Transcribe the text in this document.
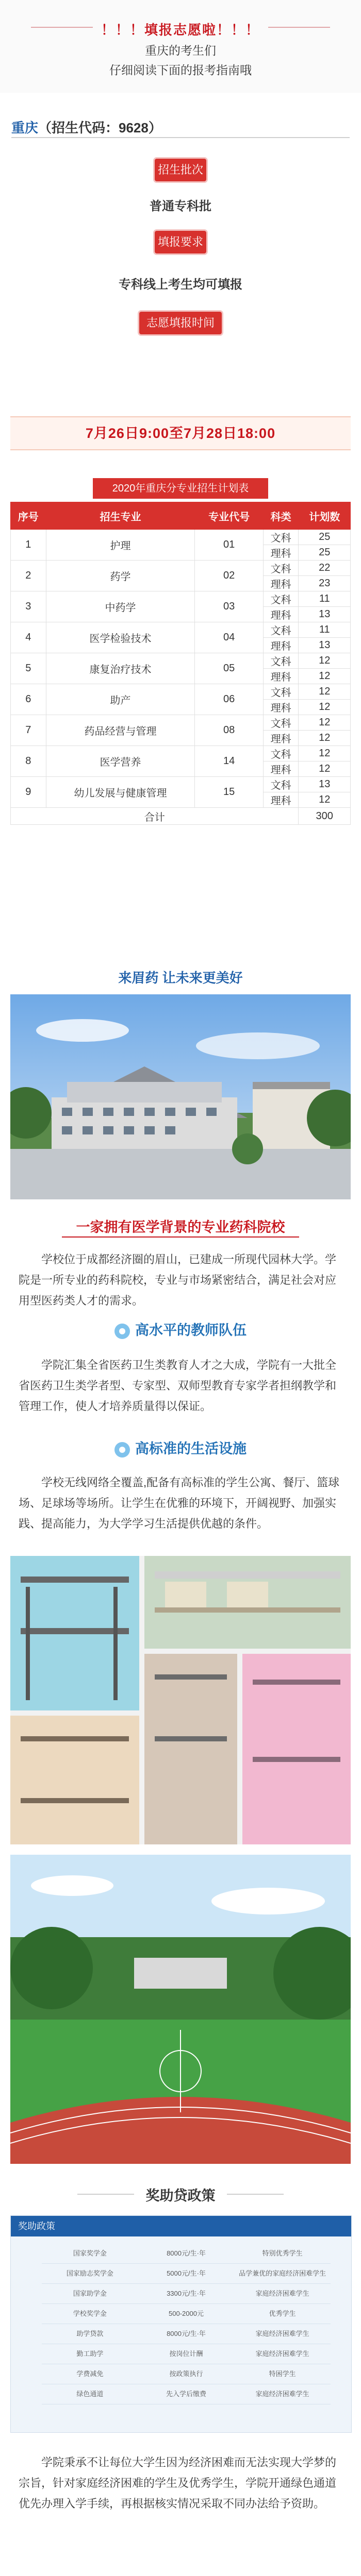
！！！填报志愿啦！！！
重庆的考生们
仔细阅读下面的报考指南哦
重庆（招生代码：9628）
招生批次
普通专科批
填报要求
专科线上考生均可填报
志愿填报时间
7月26日9:00至7月28日18:00
2020年重庆分专业招生计划表
序号	招生专业	专业代号	科类	计划数
1	护理	01	文科	25
			理科	25
2	药学	02	文科	22
			理科	23
3	中药学	03	文科	11
			理科	13
4	医学检验技术	04	文科	11
			理科	13
5	康复治疗技术	05	文科	12
			理科	12
6	助产	06	文科	12
			理科	12
7	药品经营与管理	08	文科	12
			理科	12
8	医学营养	14	文科	12
			理科	12
9	幼儿发展与健康管理	15	文科	13
			理科	12
合计				300
来眉药 让未来更美好
一家拥有医学背景的专业药科院校
学校位于成都经济圈的眉山，已建成一所现代园林大学。学院是一所专业的药科院校，专业与市场紧密结合，满足社会对应用型医药类人才的需求。
高水平的教师队伍
学院汇集全省医药卫生类教育人才之大成，学院有一大批全省医药卫生类学者型、专家型、双师型教育专家学者担纲教学和管理工作，使人才培养质量得以保证。
高标准的生活设施
学校无线网络全覆盖,配备有高标准的学生公寓、餐厅、篮球场、足球场等场所。让学生在优雅的环境下，开阔视野、加强实践、提高能力，为大学学习生活提供优越的条件。
奖助贷政策
奖助政策
国家奖学金	8000元/生·年	特别优秀学生
国家励志奖学金	5000元/生·年	品学兼优的家庭经济困难学生
国家助学金	3300元/生·年	家庭经济困难学生
学校奖学金	500-2000元	优秀学生
助学贷款	8000元/生·年	家庭经济困难学生
勤工助学	按岗位计酬	家庭经济困难学生
学费减免	按政策执行	特困学生
绿色通道	先入学后缴费	家庭经济困难学生
学院秉承不让每位大学生因为经济困难而无法实现大学梦的宗旨，针对家庭经济困难的学生及优秀学生，学院开通绿色通道优先办理入学手续，再根据核实情况采取不同办法给予资助。
